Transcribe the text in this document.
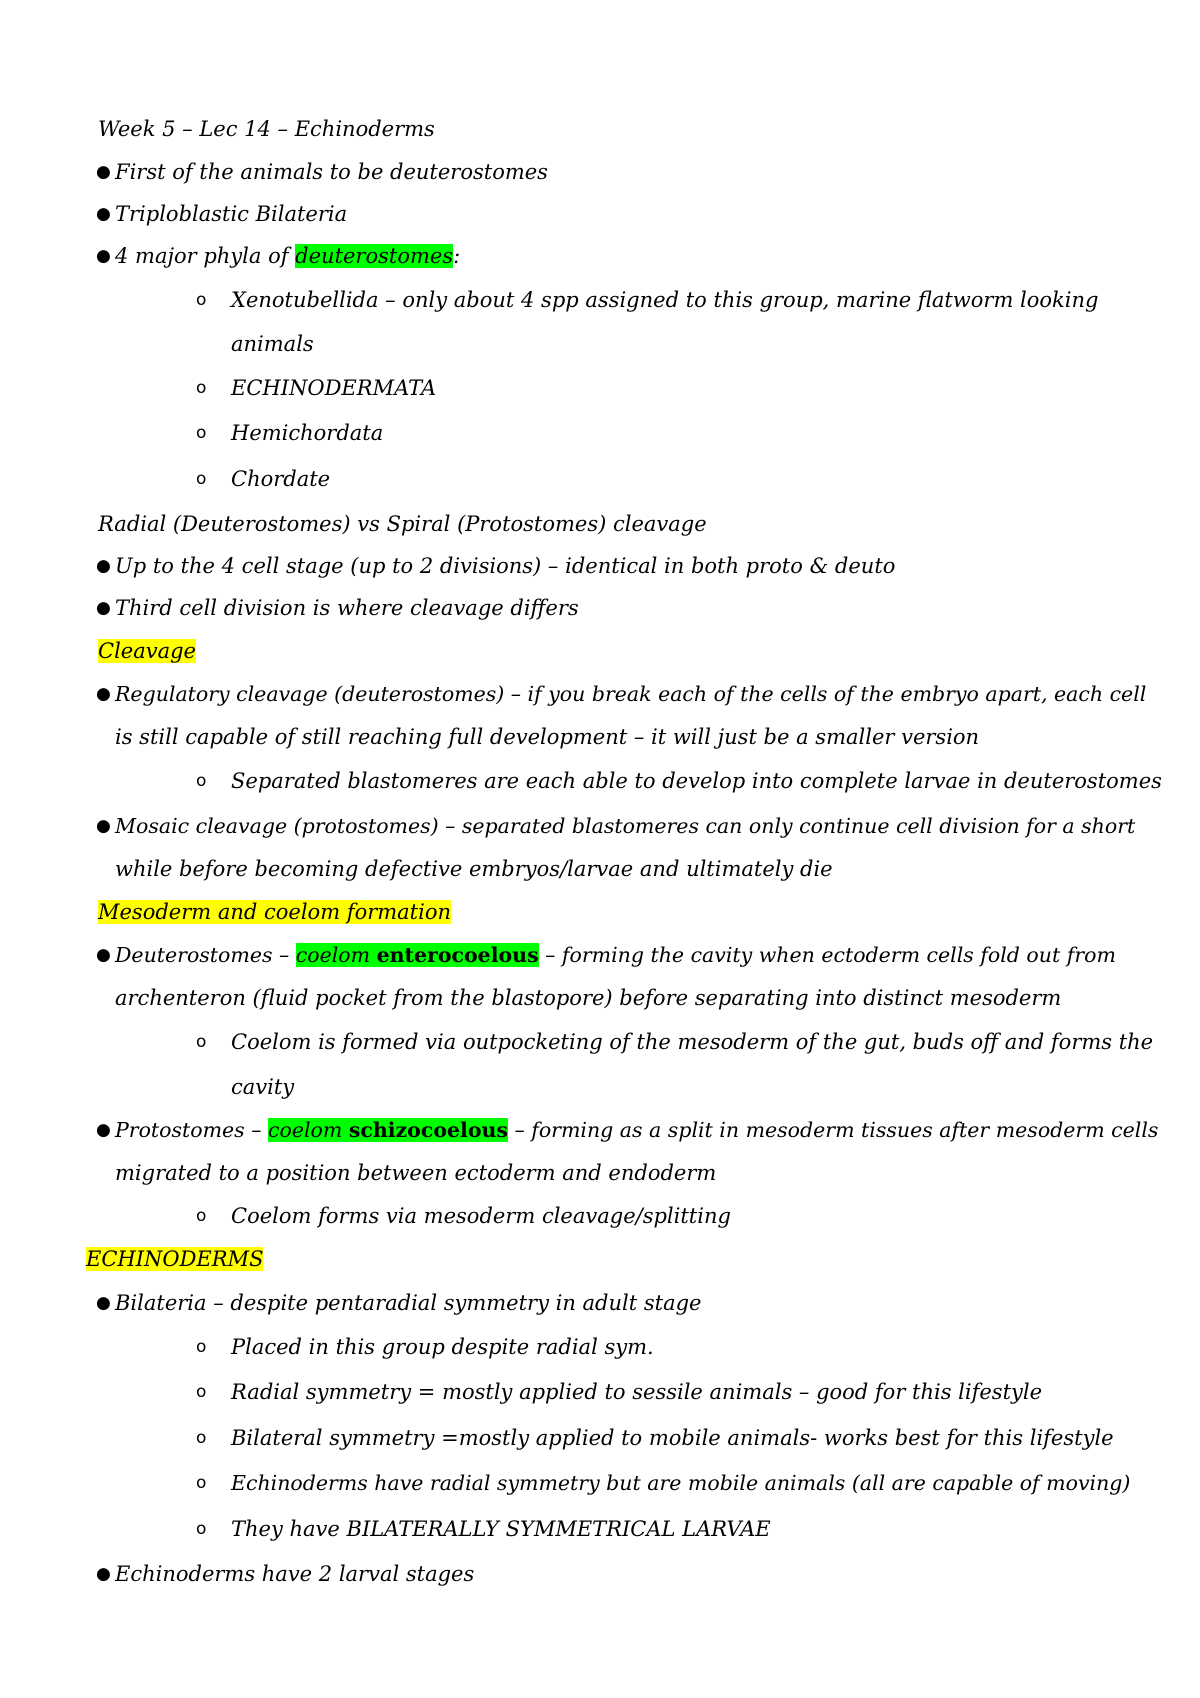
Week 5 – Lec 14 – Echinoderms
● First of the animals to be deuterostomes
● Triploblastic Bilateria
● 4 major phyla of deuterostomes:
o Xenotubellida – only about 4 spp assigned to this group, marine flatworm looking
animals
o ECHINODERMATA
o Hemichordata
o Chordate
Radial (Deuterostomes) vs Spiral (Protostomes) cleavage
● Up to the 4 cell stage (up to 2 divisions) – identical in both proto & deuto
● Third cell division is where cleavage differs
Cleavage
● Regulatory cleavage (deuterostomes) – if you break each of the cells of the embryo apart, each cell
is still capable of still reaching full development – it will just be a smaller version
o Separated blastomeres are each able to develop into complete larvae in deuterostomes
● Mosaic cleavage (protostomes) – separated blastomeres can only continue cell division for a short
while before becoming defective embryos/larvae and ultimately die
Mesoderm and coelom formation
● Deuterostomes – coelom enterocoelous – forming the cavity when ectoderm cells fold out from
archenteron (fluid pocket from the blastopore) before separating into distinct mesoderm
o Coelom is formed via outpocketing of the mesoderm of the gut, buds off and forms the
cavity
● Protostomes – coelom schizocoelous – forming as a split in mesoderm tissues after mesoderm cells
migrated to a position between ectoderm and endoderm
o Coelom forms via mesoderm cleavage/splitting
ECHINODERMS
● Bilateria – despite pentaradial symmetry in adult stage
o Placed in this group despite radial sym.
o Radial symmetry = mostly applied to sessile animals – good for this lifestyle
o Bilateral symmetry =mostly applied to mobile animals- works best for this lifestyle
o Echinoderms have radial symmetry but are mobile animals (all are capable of moving)
o They have BILATERALLY SYMMETRICAL LARVAE
● Echinoderms have 2 larval stages
